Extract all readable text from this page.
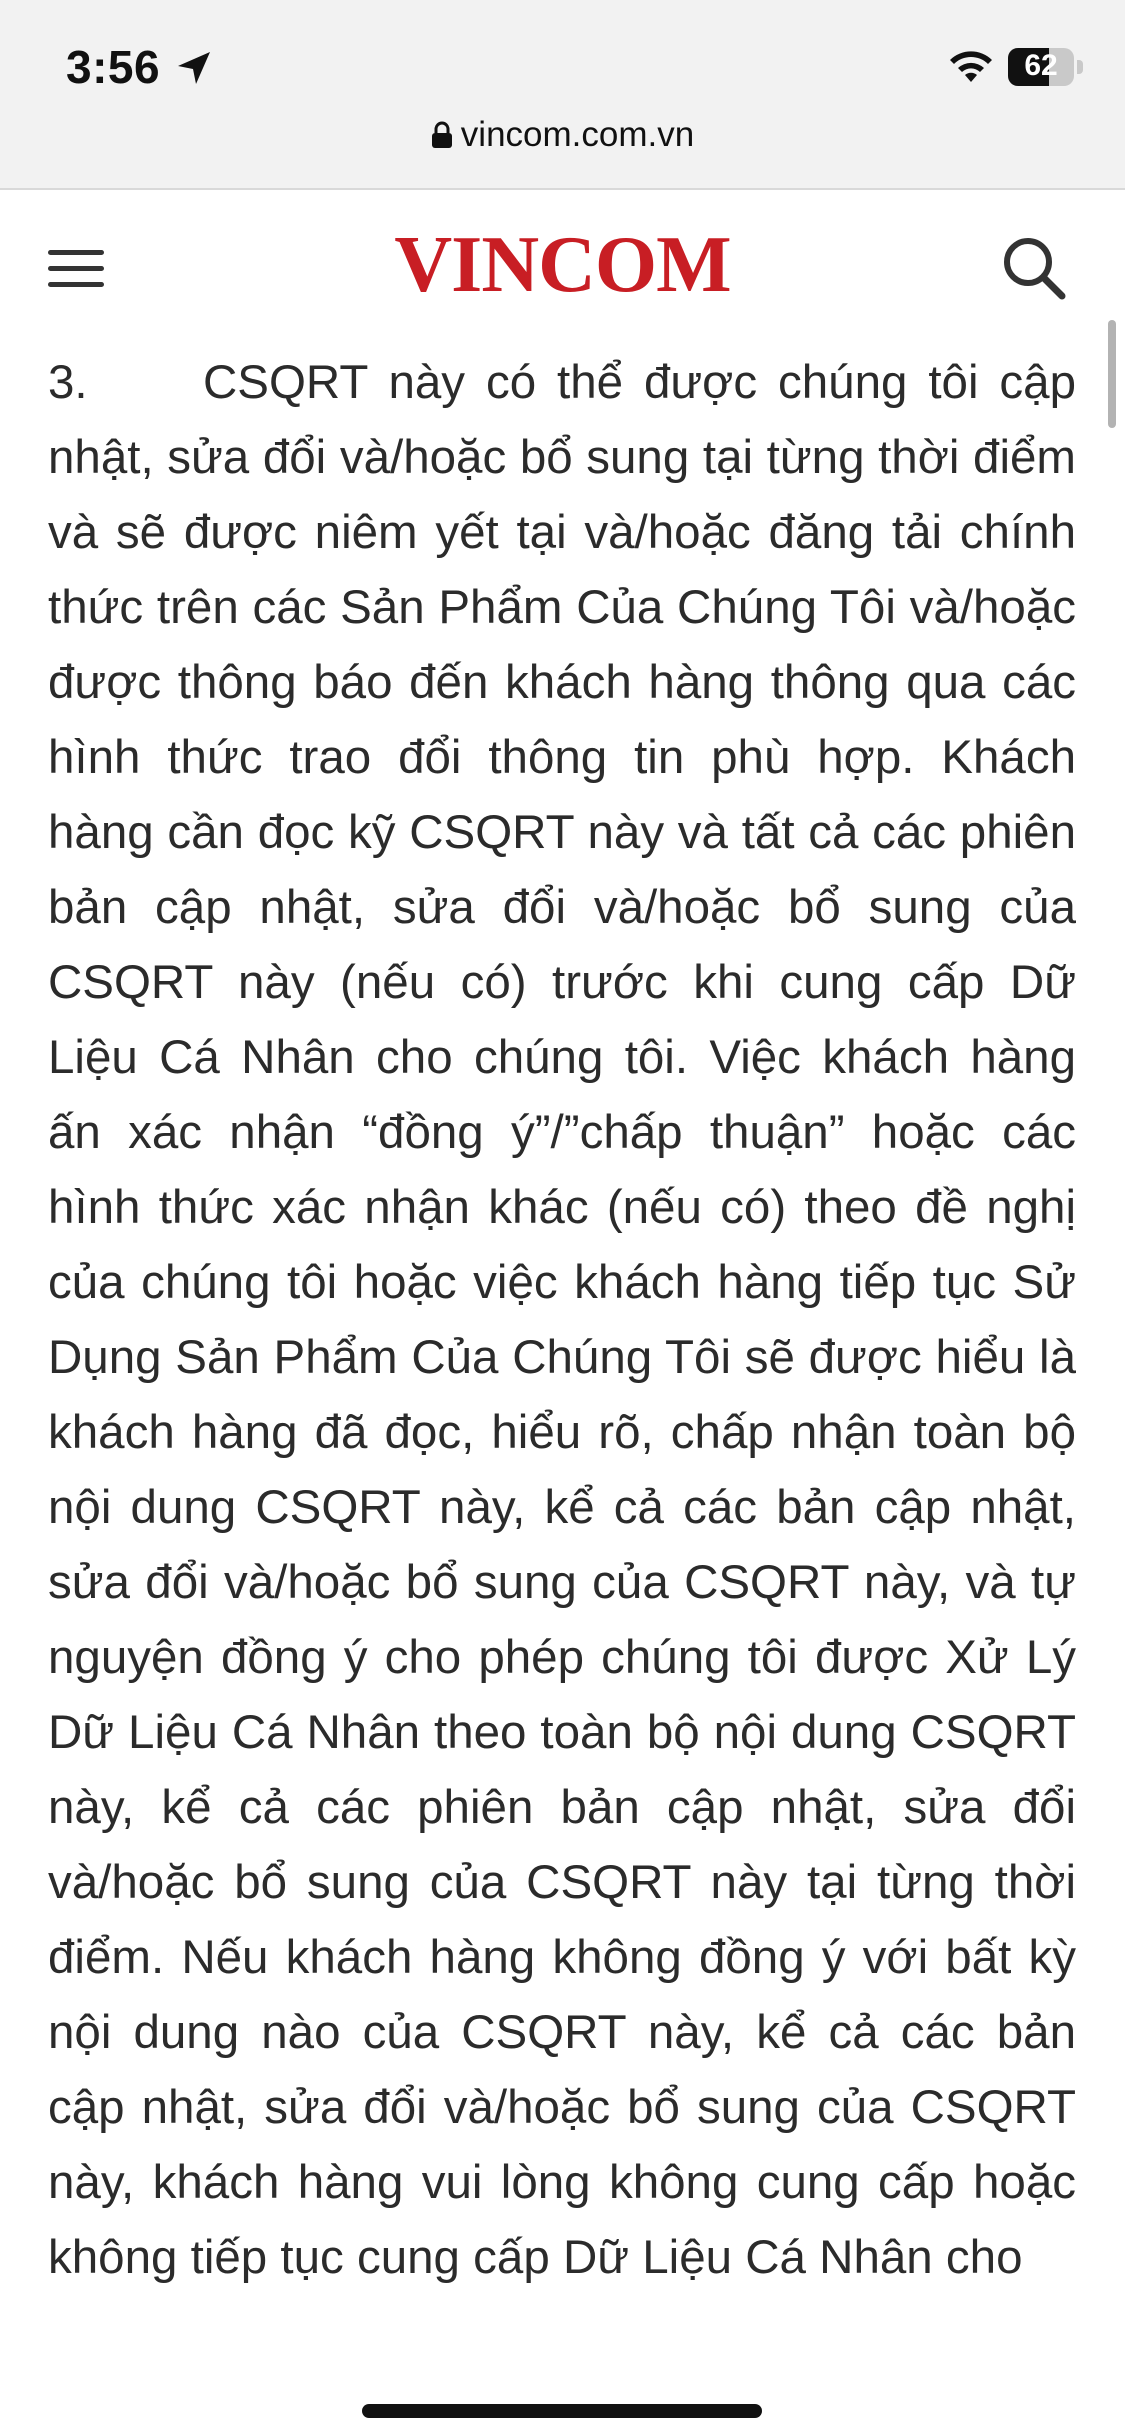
3:56	62
vincom.com.vn
VINCOM

3. CSQRT này có thể được chúng tôi cập nhật, sửa đổi và/hoặc bổ sung tại từng thời điểm và sẽ được niêm yết tại và/hoặc đăng tải chính thức trên các Sản Phẩm Của Chúng Tôi và/hoặc được thông báo đến khách hàng thông qua các hình thức trao đổi thông tin phù hợp. Khách hàng cần đọc kỹ CSQRT này và tất cả các phiên bản cập nhật, sửa đổi và/hoặc bổ sung của CSQRT này (nếu có) trước khi cung cấp Dữ Liệu Cá Nhân cho chúng tôi. Việc khách hàng ấn xác nhận “đồng ý”/”chấp thuận” hoặc các hình thức xác nhận khác (nếu có) theo đề nghị của chúng tôi hoặc việc khách hàng tiếp tục Sử Dụng Sản Phẩm Của Chúng Tôi sẽ được hiểu là khách hàng đã đọc, hiểu rõ, chấp nhận toàn bộ nội dung CSQRT này, kể cả các bản cập nhật, sửa đổi và/hoặc bổ sung của CSQRT này, và tự nguyện đồng ý cho phép chúng tôi được Xử Lý Dữ Liệu Cá Nhân theo toàn bộ nội dung CSQRT này, kể cả các phiên bản cập nhật, sửa đổi và/hoặc bổ sung của CSQRT này tại từng thời điểm. Nếu khách hàng không đồng ý với bất kỳ nội dung nào của CSQRT này, kể cả các bản cập nhật, sửa đổi và/hoặc bổ sung của CSQRT này, khách hàng vui lòng không cung cấp hoặc không tiếp tục cung cấp Dữ Liệu Cá Nhân cho
